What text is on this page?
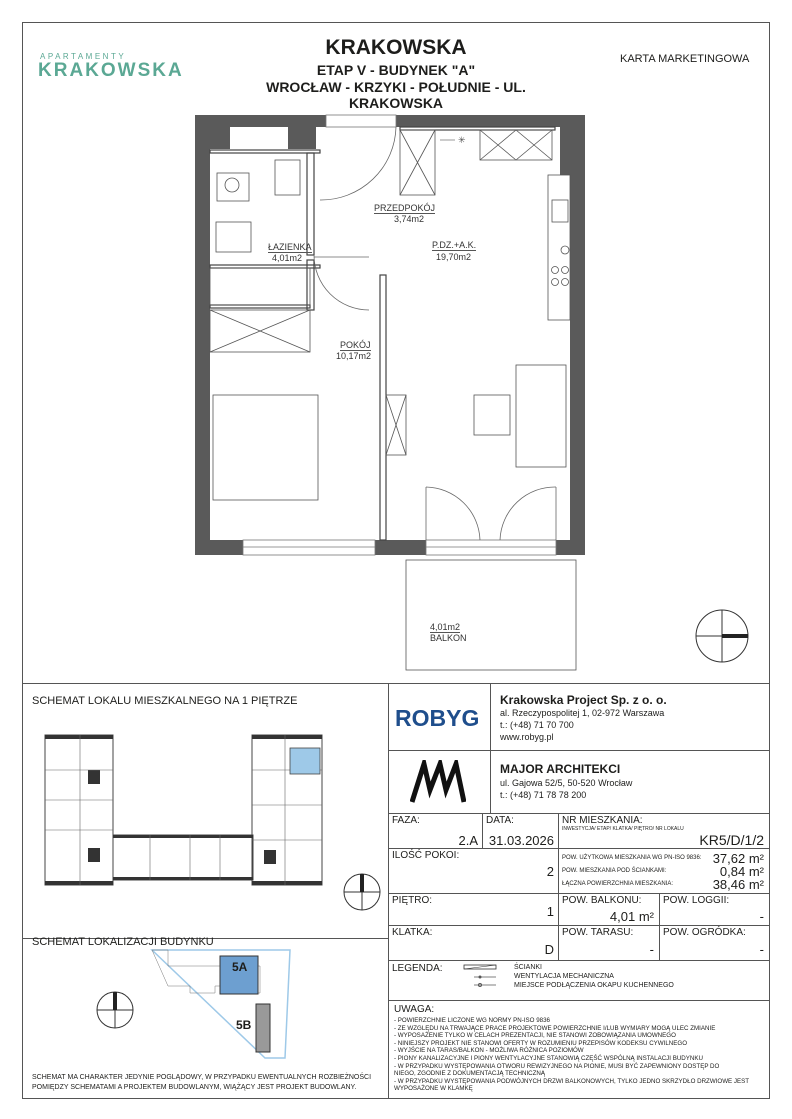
APARTAMENTY
KRAKOWSKA
KRAKOWSKA
ETAP V - BUDYNEK "A"
WROCŁAW - KRZYKI - POŁUDNIE - UL. KRAKOWSKA
KARTA MARKETINGOWA
✳
PRZEDPOKÓJ
3,74m2
ŁAZIENKA
4,01m2
P.DZ.+A.K.
19,70m2
POKÓJ
10,17m2
4,01m2
BALKON
SCHEMAT LOKALU MIESZKALNEGO NA 1 PIĘTRZE
SCHEMAT LOKALIZACJI BUDYNKU
5A
5B
SCHEMAT MA CHARAKTER JEDYNIE POGLĄDOWY, W PRZYPADKU EWENTUALNYCH ROZBIEŻNOŚCI
POMIĘDZY SCHEMATAMI A PROJEKTEM BUDOWLANYM, WIĄŻĄCY JEST PROJEKT BUDOWLANY.
ROBYG
Krakowska Project Sp. z o. o.
al. Rzeczypospolitej 1, 02-972 Warszawa
t.: (+48) 71 70 700
www.robyg.pl
MAJOR ARCHITEKCI
ul. Gajowa 52/5, 50-520 Wrocław
t.: (+48) 71 78 78 200
FAZA:
2.A
DATA:
31.03.2026
NR MIESZKANIA:
INWESTYCJA/ ETAP/ KLATKA/ PIĘTRO/ NR LOKALU
KR5/D/1/2
ILOŚĆ POKOI:
2
POW. UŻYTKOWA MIESZKANIA WG PN-ISO 9836: 37,62 m²
POW. MIESZKANIA POD ŚCIANKAMI:	0,84 m²
ŁĄCZNA POWIERZCHNIA MIESZKANIA:	38,46 m²
PIĘTRO:
1
POW. BALKONU:
4,01 m²
POW. LOGGII:
-
KLATKA:
D
POW. TARASU:
-
POW. OGRÓDKA:
-
LEGENDA:	ŚCIANKI
WENTYLACJA MECHANICZNA
MIEJSCE PODŁĄCZENIA OKAPU KUCHENNEGO
UWAGA:
- POWIERZCHNIE LICZONE WG NORMY PN-ISO 9836
- ZE WZGLĘDU NA TRWAJĄCE PRACE PROJEKTOWE POWIERZCHNIE I/LUB WYMIARY MOGĄ ULEC ZMIANIE
- WYPOSAŻENIE TYLKO W CELACH PREZENTACJI, NIE STANOWI ZOBOWIĄZANIA UMOWNEGO
- NINIEJSZY PROJEKT NIE STANOWI OFERTY W ROZUMIENIU PRZEPISÓW KODEKSU CYWILNEGO
- WYJŚCIE NA TARAS/BALKON - MOŻLIWA RÓŻNICA POZIOMÓW
- PIONY KANALIZACYJNE I PIONY WENTYLACYJNE STANOWIĄ CZĘŚĆ WSPÓLNĄ INSTALACJI BUDYNKU
- W PRZYPADKU WYSTĘPOWANIA OTWORU REWIZYJNEGO NA PIONIE, MUSI BYĆ ZAPEWNIONY DOSTĘP DO
NIEGO, ZGODNIE Z DOKUMENTACJĄ TECHNICZNĄ
- W PRZYPADKU WYSTĘPOWANIA PODWÓJNYCH DRZWI BALKONOWYCH, TYLKO JEDNO SKRZYDŁO DRZWIOWE JEST
WYPOSAŻONE W KLAMKĘ
